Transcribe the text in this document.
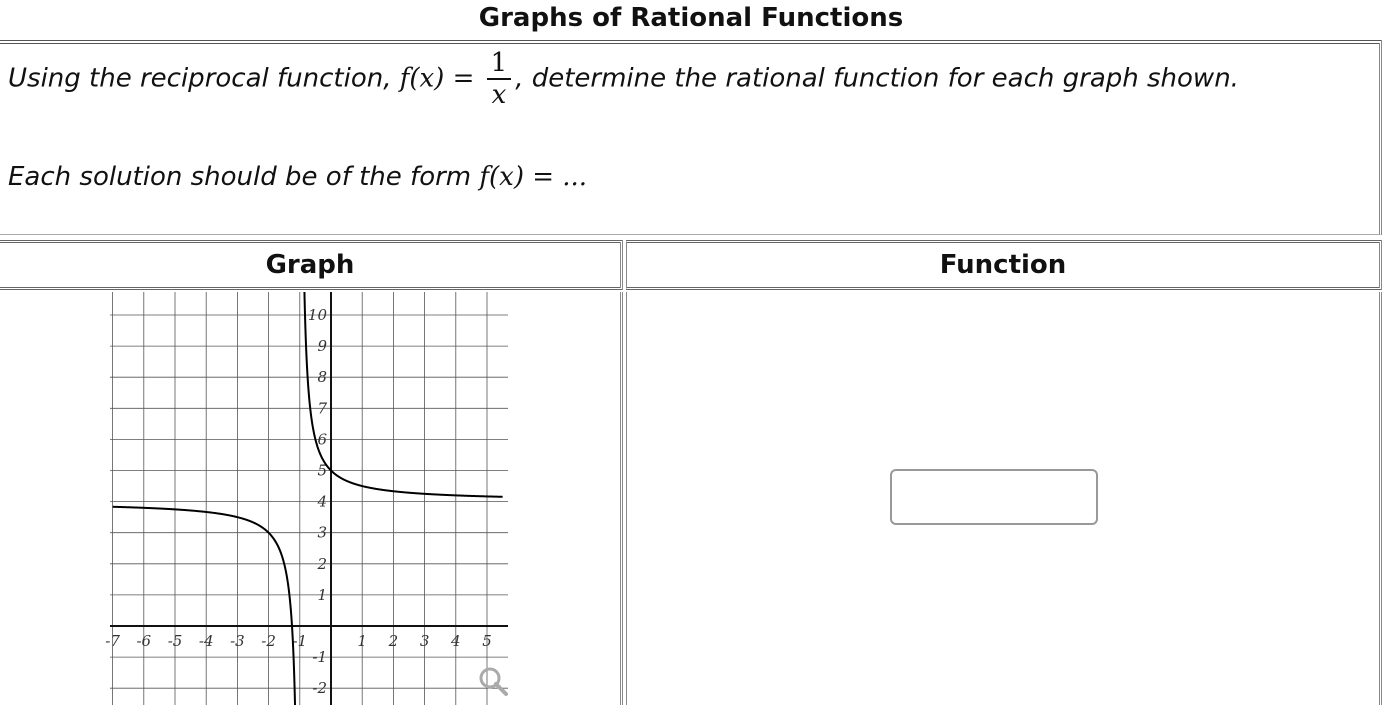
Graphs of Rational Functions
Using the reciprocal function, $f(x) = \frac{1}{x}$ , determine the rational function for each graph shown.
Each solution should be of the form f(x) = ...
Graph	Function
-7 -6 -5 -4 -3 -2 -1	1 2 3 4 5
-2
-1
1
2
3
4
5
6
7
8
9
10
